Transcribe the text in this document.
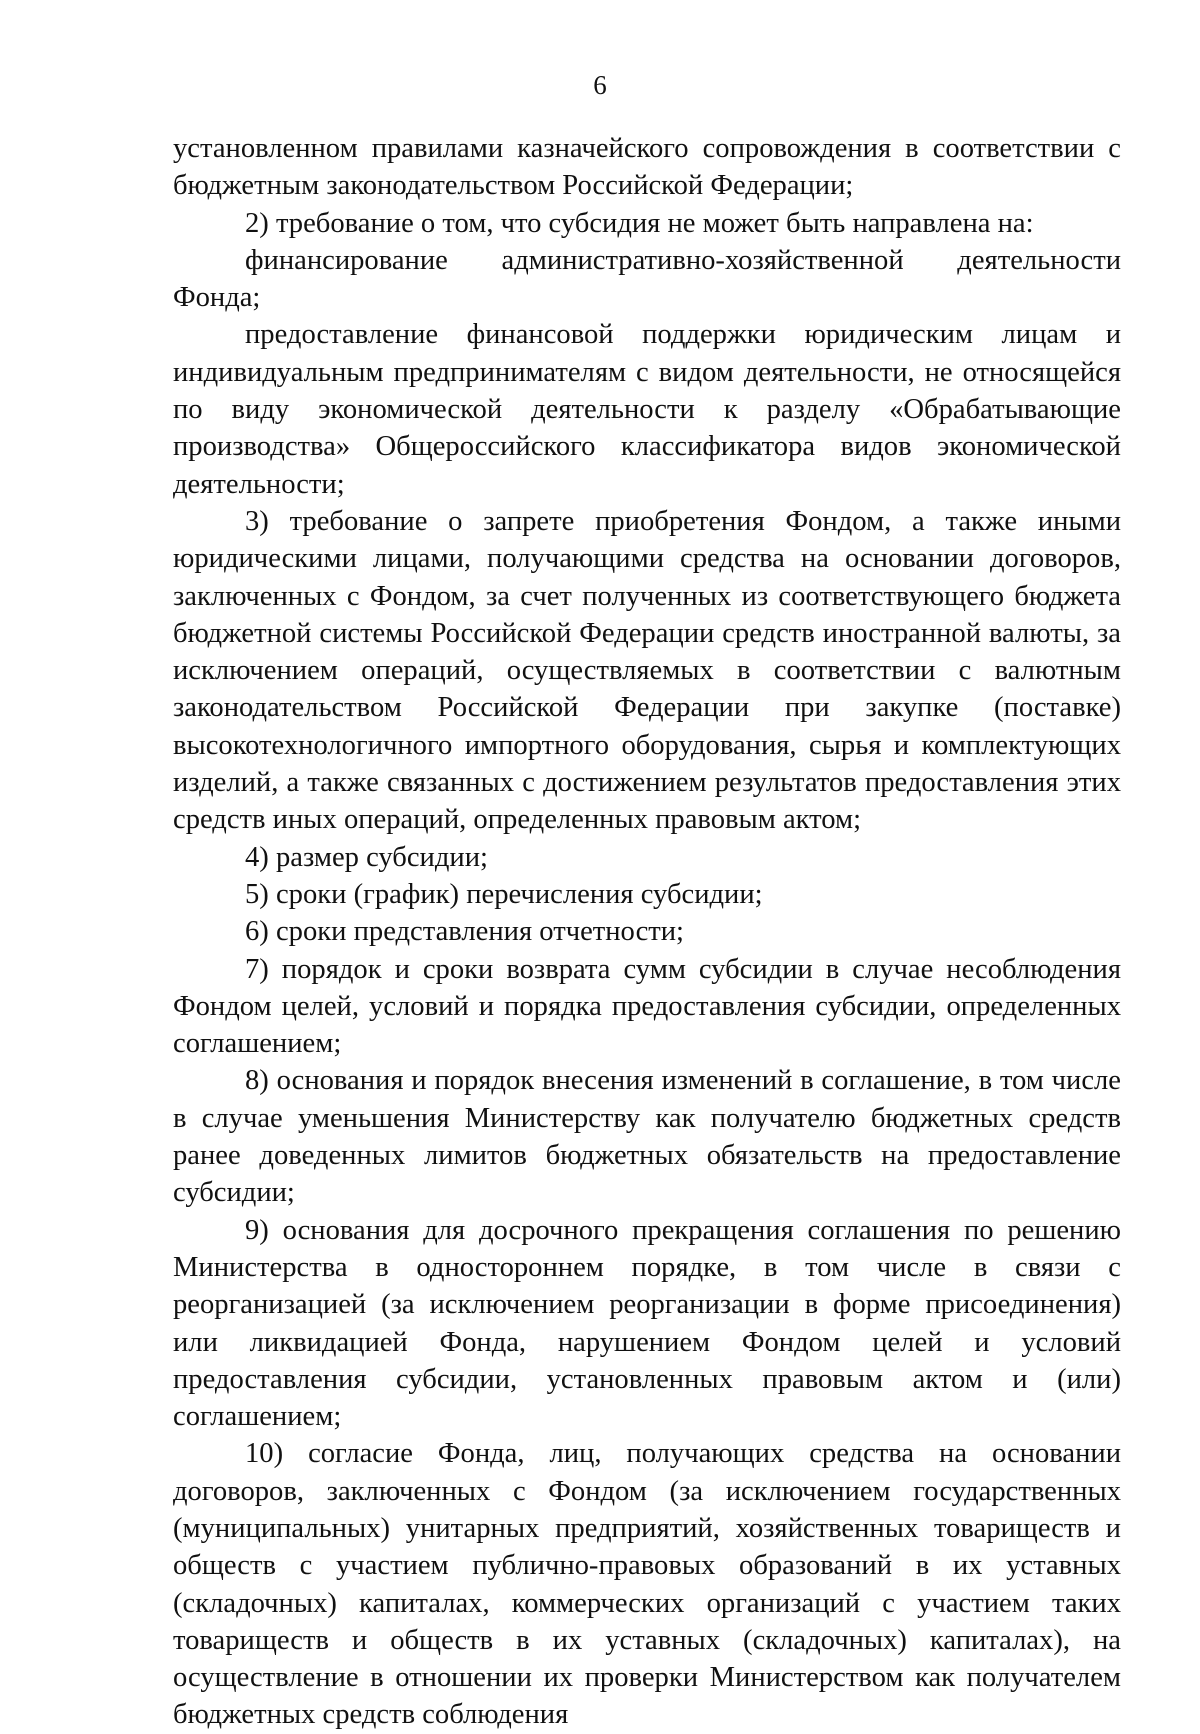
6

установленном правилами казначейского сопровождения в соответствии с бюджетным законодательством Российской Федерации;

2) требование о том, что субсидия не может быть направлена на:

финансирование административно-хозяйственной деятельности Фонда;

предоставление финансовой поддержки юридическим лицам и индивидуальным предпринимателям с видом деятельности, не относящейся по виду экономической деятельности к разделу «Обрабатывающие производства» Общероссийского классификатора видов экономической деятельности;

3) требование о запрете приобретения Фондом, а также иными юридическими лицами, получающими средства на основании договоров, заключенных с Фондом, за счет полученных из соответствующего бюджета бюджетной системы Российской Федерации средств иностранной валюты, за исключением операций, осуществляемых в соответствии с валютным законодательством Российской Федерации при закупке (поставке) высокотехнологичного импортного оборудования, сырья и комплектующих изделий, а также связанных с достижением результатов предоставления этих средств иных операций, определенных правовым актом;

4) размер субсидии;

5) сроки (график) перечисления субсидии;

6) сроки представления отчетности;

7) порядок и сроки возврата сумм субсидии в случае несоблюдения Фондом целей, условий и порядка предоставления субсидии, определенных соглашением;

8) основания и порядок внесения изменений в соглашение, в том числе в случае уменьшения Министерству как получателю бюджетных средств ранее доведенных лимитов бюджетных обязательств на предоставление субсидии;

9) основания для досрочного прекращения соглашения по решению Министерства в одностороннем порядке, в том числе в связи с реорганизацией (за исключением реорганизации в форме присоединения) или ликвидацией Фонда, нарушением Фондом целей и условий предоставления субсидии, установленных правовым актом и (или) соглашением;

10) согласие Фонда, лиц, получающих средства на основании договоров, заключенных с Фондом (за исключением государственных (муниципальных) унитарных предприятий, хозяйственных товариществ и обществ с участием публично-правовых образований в их уставных (складочных) капиталах, коммерческих организаций с участием таких товариществ и обществ в их уставных (складочных) капиталах), на осуществление в отношении их проверки Министерством как получателем бюджетных средств соблюдения
